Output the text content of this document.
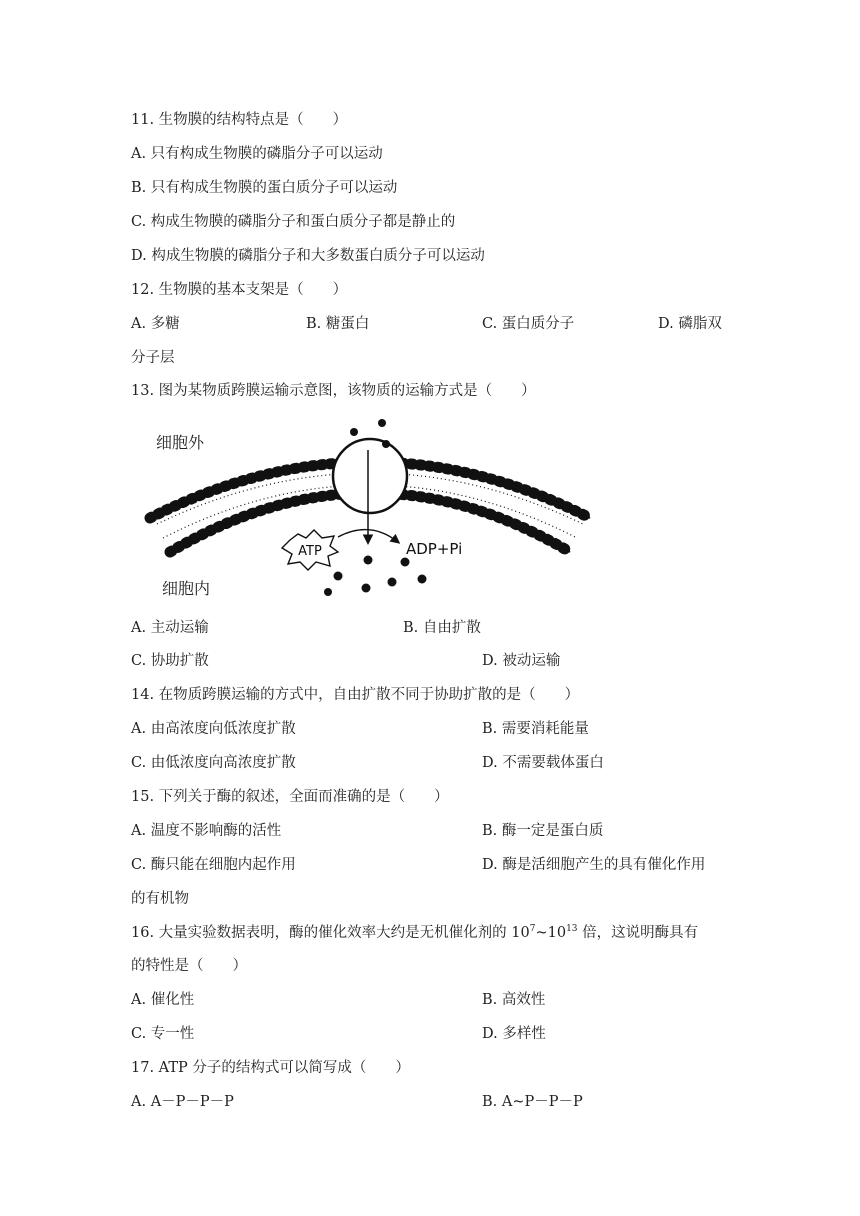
11. 生物膜的结构特点是（　　）
A. 只有构成生物膜的磷脂分子可以运动
B. 只有构成生物膜的蛋白质分子可以运动
C. 构成生物膜的磷脂分子和蛋白质分子都是静止的
D. 构成生物膜的磷脂分子和大多数蛋白质分子可以运动
12. 生物膜的基本支架是（　　）
A. 多糖	B. 糖蛋白	C. 蛋白质分子	D. 磷脂双
分子层
13. 图为某物质跨膜运输示意图，该物质的运输方式是（　　）
ATP	ADP+Pi
细胞外
细胞内
A. 主动运输	B. 自由扩散
C. 协助扩散	D. 被动运输
14. 在物质跨膜运输的方式中，自由扩散不同于协助扩散的是（　　）
A. 由高浓度向低浓度扩散	B. 需要消耗能量
C. 由低浓度向高浓度扩散	D. 不需要载体蛋白
15. 下列关于酶的叙述，全面而准确的是（　　）
A. 温度不影响酶的活性	B. 酶一定是蛋白质
C. 酶只能在细胞内起作用	D. 酶是活细胞产生的具有催化作用
的有机物
16. 大量实验数据表明，酶的催化效率大约是无机催化剂的 $10^7\sim 10^{13}$ 倍，这说明酶具有
的特性是（　　）
A. 催化性	B. 高效性
C. 专一性	D. 多样性
17. ATP 分子的结构式可以简写成（　　）
A. A－P－P－P	B. A~P－P－P
